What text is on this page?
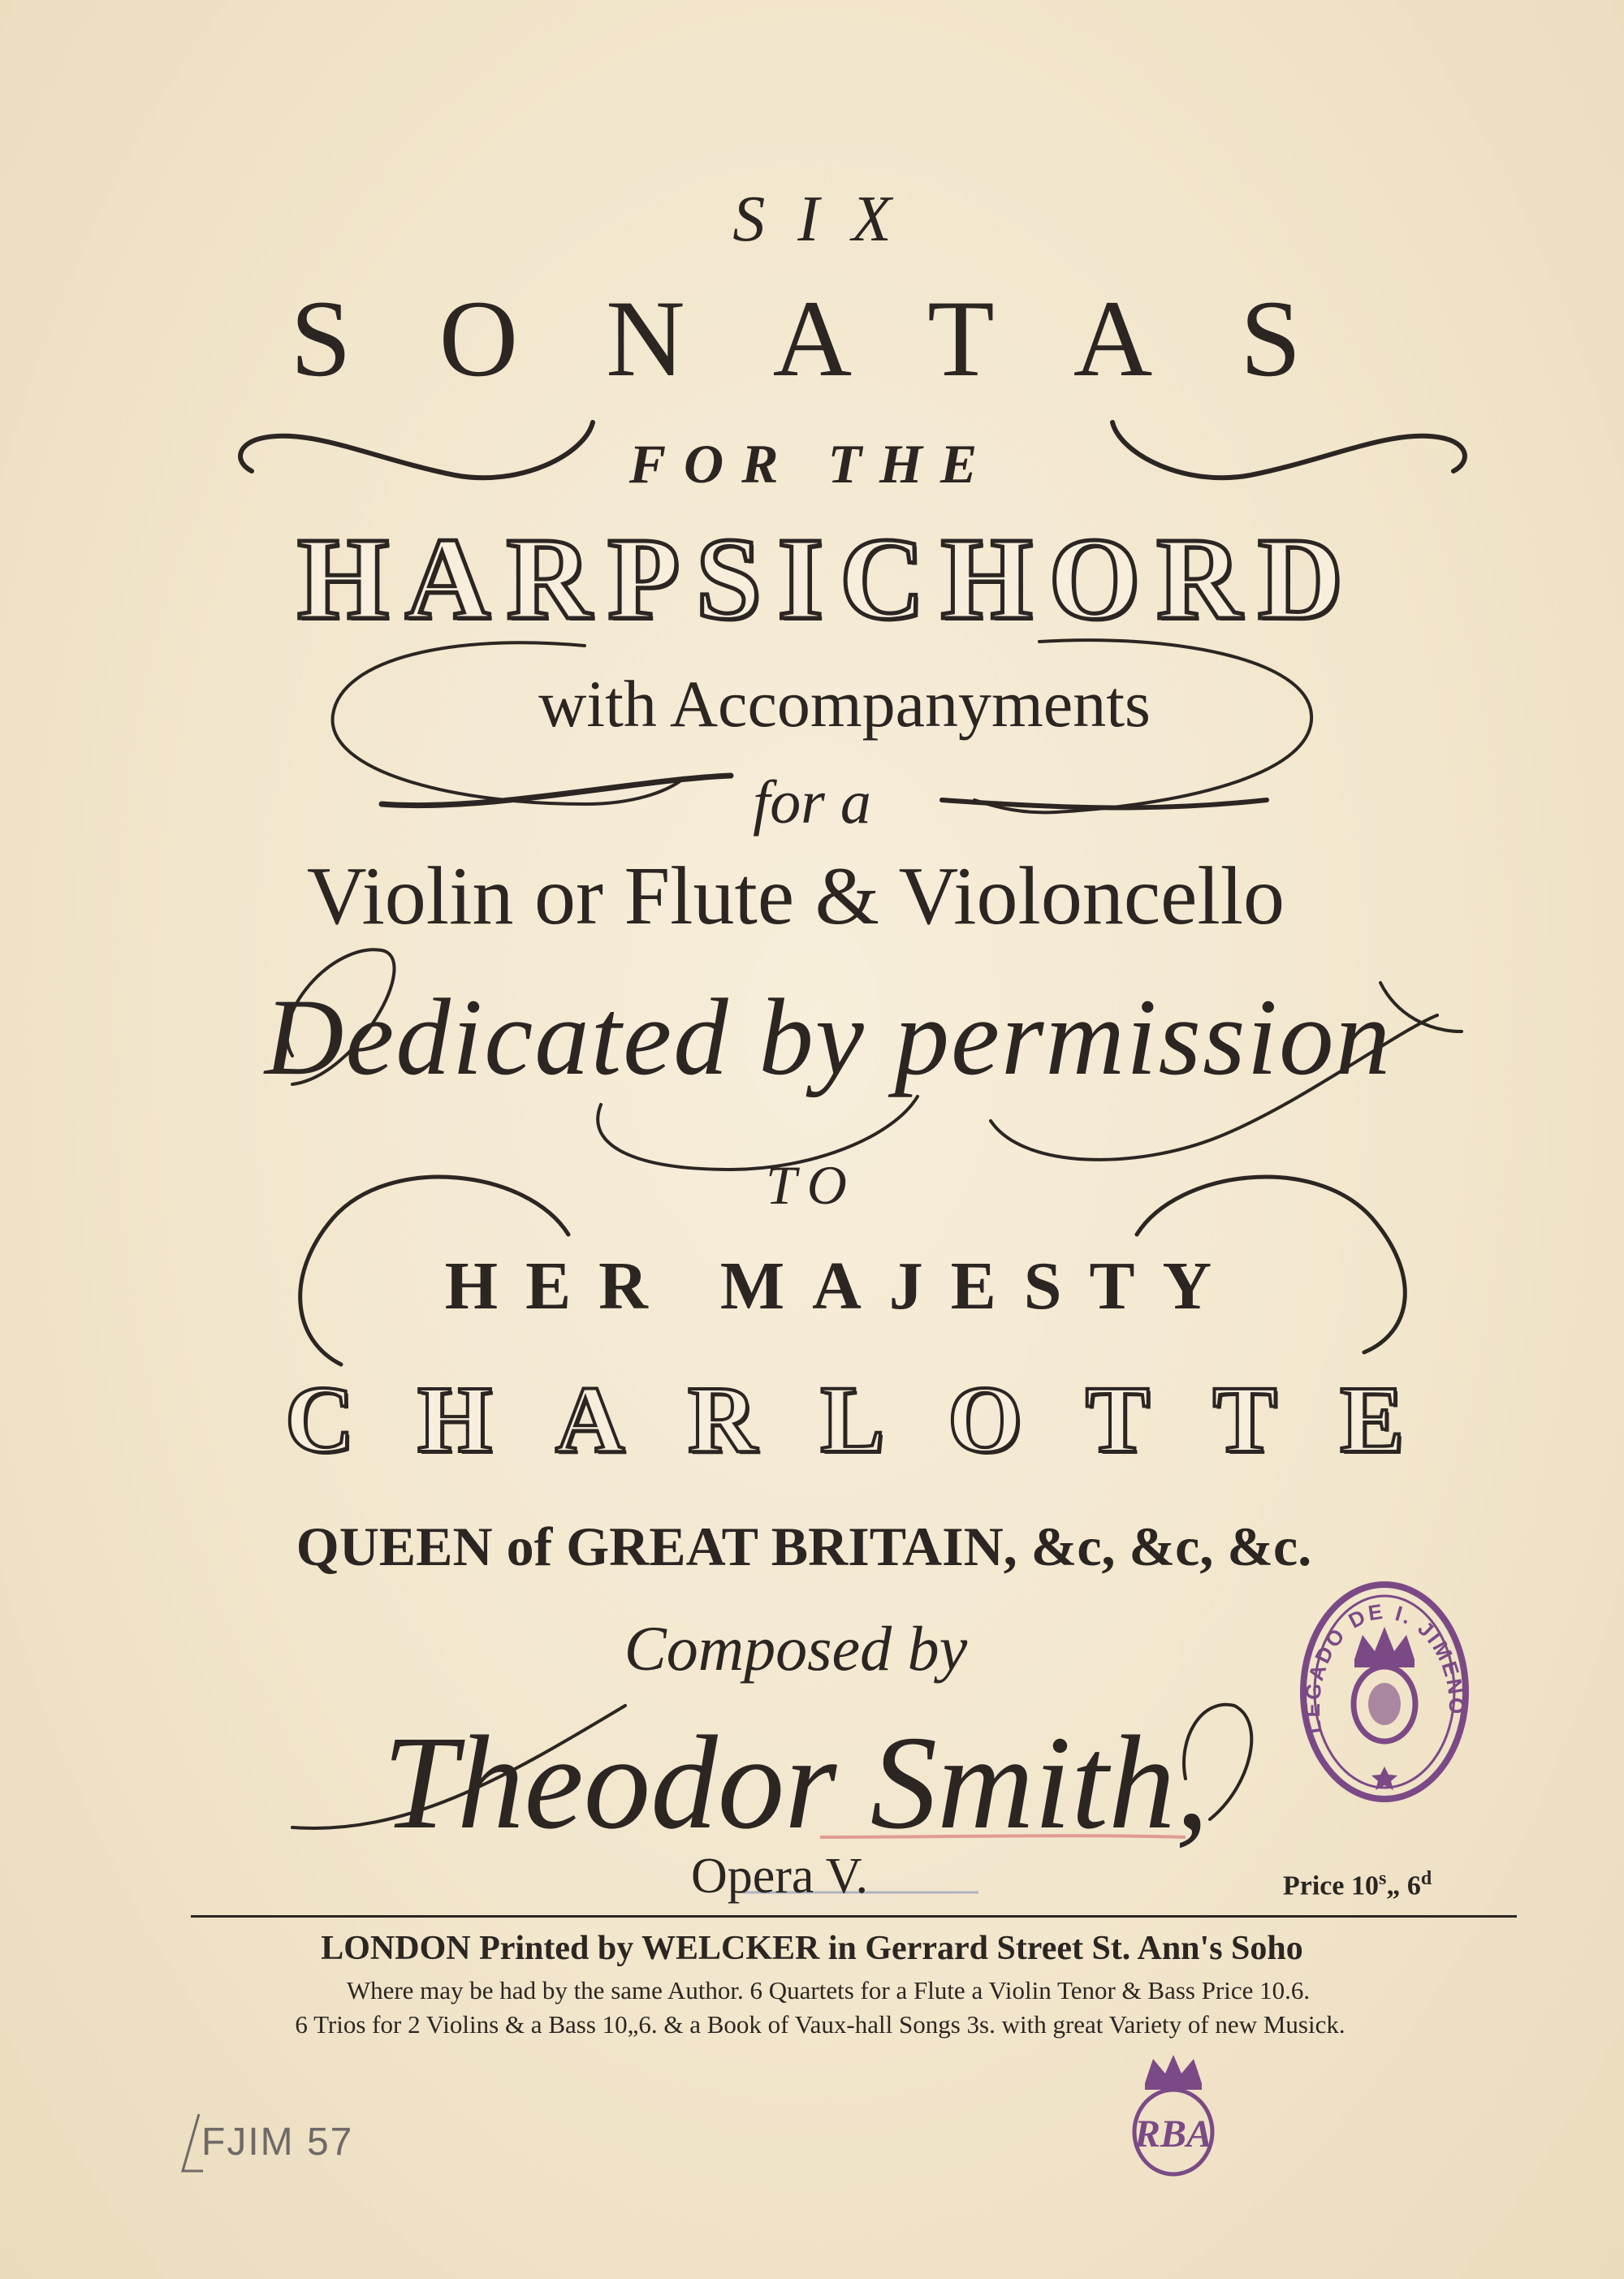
SIX
SONATAS
FOR THE
HARPSICHORD
with Accompanyments
for a
Violin or Flute & Violoncello
Dedicated by permission
TO
HER MAJESTY
CHARLOTTE
QUEEN of GREAT BRITAIN, &c, &c, &c.
Composed by
Theodor Smith,
Opera V.	Price 10$^s$„ 6$^d$
LONDON Printed by WELCKER in Gerrard Street St. Ann's Soho
Where may be had by the same Author. 6 Quartets for a Flute a Violin Tenor & Bass Price 10.6.
6 Trios for 2 Violins & a Bass 10„6. & a Book of Vaux-hall Songs 3s. with great Variety of new Musick.
LEGADO DE I. JIMENO
RBA
FJIM 57
